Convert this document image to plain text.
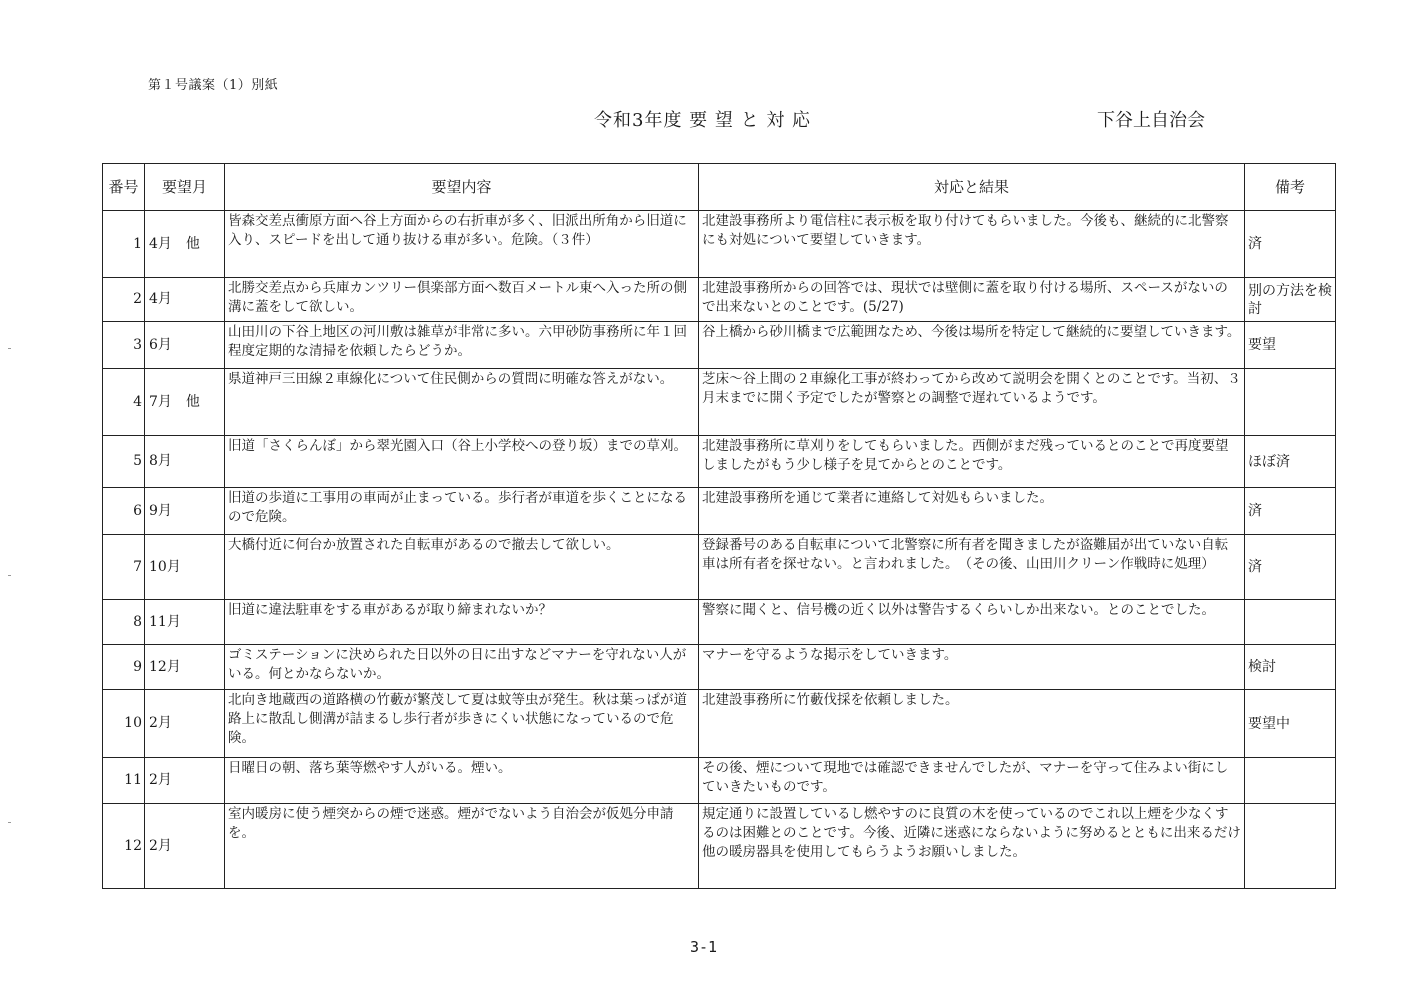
第１号議案（1）別紙
令和3年度 要 望 と 対 応	下谷上自治会
番号	要望月	要望内容	対応と結果	備考
1	4月　他	皆森交差点衝原方面へ谷上方面からの右折車が多く、旧派出所角から旧道に入り、スピードを出して通り抜ける車が多い。危険。（３件）	北建設事務所より電信柱に表示板を取り付けてもらいました。今後も、継続的に北警察にも対処について要望していきます。	済
2	4月	北勝交差点から兵庫カンツリー倶楽部方面へ数百メートル東へ入った所の側溝に蓋をして欲しい。	北建設事務所からの回答では、現状では壁側に蓋を取り付ける場所、スペースがないので出来ないとのことです。(5/27)	別の方法を検討
3	6月	山田川の下谷上地区の河川敷は雑草が非常に多い。六甲砂防事務所に年１回程度定期的な清掃を依頼したらどうか。	谷上橋から砂川橋まで広範囲なため、今後は場所を特定して継続的に要望していきます。	要望
4	7月　他	県道神戸三田線２車線化について住民側からの質問に明確な答えがない。	芝床～谷上間の２車線化工事が終わってから改めて説明会を開くとのことです。当初、３月末までに開く予定でしたが警察との調整で遅れているようです。	
5	8月	旧道「さくらんぼ」から翠光園入口（谷上小学校への登り坂）までの草刈。	北建設事務所に草刈りをしてもらいました。西側がまだ残っているとのことで再度要望しましたがもう少し様子を見てからとのことです。	ほぼ済
6	9月	旧道の歩道に工事用の車両が止まっている。歩行者が車道を歩くことになるので危険。	北建設事務所を通じて業者に連絡して対処もらいました。	済
7	10月	大橋付近に何台か放置された自転車があるので撤去して欲しい。	登録番号のある自転車について北警察に所有者を聞きましたが盗難届が出ていない自転車は所有者を探せない。と言われました。　（その後、山田川クリーン作戦時に処理）	済
8	11月	旧道に違法駐車をする車があるが取り締まれないか？	警察に聞くと、信号機の近く以外は警告するくらいしか出来ない。とのことでした。	
9	12月	ゴミステーションに決められた日以外の日に出すなどマナーを守れない人がいる。何とかならないか。	マナーを守るような掲示をしていきます。	検討
10	2月	北向き地蔵西の道路横の竹藪が繁茂して夏は蚊等虫が発生。秋は葉っぱが道路上に散乱し側溝が詰まるし歩行者が歩きにくい状態になっているので危険。	北建設事務所に竹藪伐採を依頼しました。	要望中
11	2月	日曜日の朝、落ち葉等燃やす人がいる。煙い。	その後、煙について現地では確認できませんでしたが、マナーを守って住みよい街にしていきたいものです。	
12	2月	室内暖房に使う煙突からの煙で迷惑。煙がでないよう自治会が仮処分申請を。	規定通りに設置しているし燃やすのに良質の木を使っているのでこれ以上煙を少なくするのは困難とのことです。今後、近隣に迷惑にならないように努めるとともに出来るだけ他の暖房器具を使用してもらうようお願いしました。	
3-1
